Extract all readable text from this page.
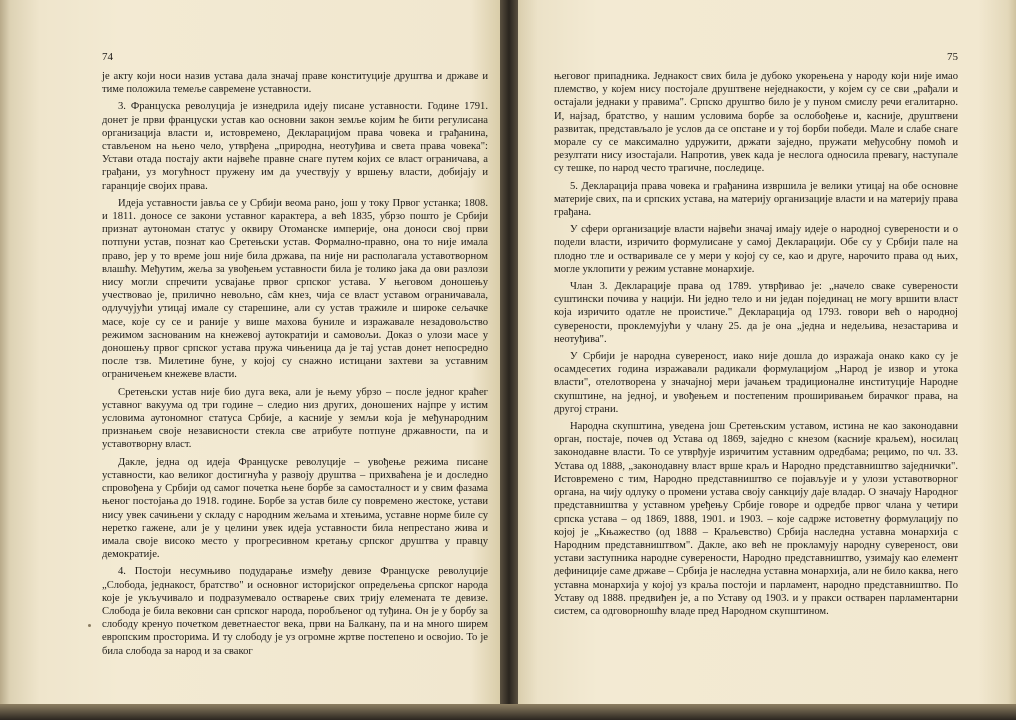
74

је акту који носи назив устава дала значај праве конституције друштва и државе и тиме положила темеље савремене уставности.

3. Француска револуција је изнедрила идеју писане уставности. Године 1791. донет је први француски устав као основни закон земље којим ће бити регулисана организација власти и, истовремено, Декларацијом права човека и грађанина, стављеном на њено чело, утврђена „природна, неотуђива и света права човека": Устави отада постају акти највеће правне снаге путем којих се власт ограничава, а грађани, уз могућност пружену им да учествују у вршењу власти, добијају и гаранције својих права.

Идеја уставности јавља се у Србији веома рано, још у току Првог устанка; 1808. и 1811. доносе се закони уставног карактера, а већ 1835, убрзо пошто је Србији признат аутономан статус у оквиру Отоманске империје, она доноси свој први потпуни устав, познат као Сретењски устав. Формално-правно, она то није имала право, јер у то време још није била држава, па није ни располагала уставотворном влашћу. Међутим, жеља за увођењем уставности била је толико јака да ови разлози нису могли спречити усвајање првог српског устава. У његовом доношењу учествовао је, прилично невољно, сâм кнез, чија се власт уставом ограничавала, одлучујући утицај имале су старешине, али су устав тражиле и широке сељачке масе, које су се и раније у више махова буниле и изражавале незадовољство режимом заснованим на кнежевој аутократији и самовољи. Доказ о улози масе у доношењу првог српског устава пружа чињеница да је тај устав донет непосредно после тзв. Милетине буне, у којој су снажно истицани захтеви за уставним ограничењем кнежеве власти.

Сретењски устав није био дуга века, али је њему убрзо – после једног краћег уставног вакуума од три године – следио низ других, доношених најпре у истим условима аутономног статуса Србије, а касније у земљи која је међународним признањем своје независности стекла све атрибуте потпуне државности, па и уставотворну власт.

Дакле, једна од идеја Француске револуције – увођење режима писане уставности, као великог достигнућа у развоју друштва – прихваћена је и доследно спровођена у Србији од самог почетка њене борбе за самосталност и у свим фазама њеног постојања до 1918. године. Борбе за устав биле су повремено жестоке, устави нису увек сачињени у складу с народним жељама и хтењима, уставне норме биле су неретко гажене, али је у целини увек идеја уставности била непрестано жива и имала своје високо место у прогресивном кретању српског друштва у правцу демократије.

4. Постоји несумњиво подударање између девизе Француске револуције „Слобода, једнакост, братство" и основног историјског опредељења српског народа које је укључивало и подразумевало остварење свих трију елемената те девизе. Слобода је била вековни сан српског народа, поробљеног од туђина. Он је у борбу за слободу кренуо почетком деветнаестог века, први на Балкану, па и на много ширем европским просторима. И ту слободу је уз огромне жртве постепено и освојио. То је била слобода за народ и за сваког

75

његовог припадника. Једнакост свих била је дубоко укорењена у народу који није имао племство, у којем нису постојале друштвене неједнакости, у којем су се сви „рађали и остајали једнаки у правима". Српско друштво било је у пуном смислу речи егалитарно. И, најзад, братство, у нашим условима борбе за ослобођење и, касније, друштвени развитак, представљало је услов да се опстане и у тој борби победи. Мале и слабе снаге морале су се максимално удружити, држати заједно, пружати међусобну помоћ и резултати нису изостајали. Напротив, увек када је неслога односила превагу, наступале су тешке, по народ често трагичне, последице.

5. Декларација права човека и грађанина извршила је велики утицај на обе основне материје свих, па и српских устава, на материју организације власти и на материју права грађана.

У сфери организације власти највећи значај имају идеје о народној суверености и о подели власти, изричито формулисане у самој Декларацији. Обе су у Србији пале на плодно тле и остваривале се у мери у којој су се, као и друге, нарочито права од њих, могле уклопити у режим уставне монархије.

Члан 3. Декларације права од 1789. утврђивао је: „начело сваке суверености суштински почива у нацији. Ни једно тело и ни један појединац не могу вршити власт која изричито одатле не проистиче." Декларација од 1793. говори већ о народној суверености, проклемујући у члану 25. да је она „једна и недељива, незастарива и неотуђива".

У Србији је народна сувереност, иако није дошла до изражаја онако како су је осамдесетих година изражавали радикали формулацијом „Народ је извор и утока власти", отелотворена у значајној мери јачањем традиционалне институције Народне скупштине, на једној, и увођењем и постепеним проширивањем бирачког права, на другој страни.

Народна скупштина, уведена још Сретењским уставом, истина не као законодавни орган, постаје, почев од Устава од 1869, заједно с кнезом (касније краљем), носилац законодавне власти. То се утврђује изричитим уставним одредбама; рецимо, по чл. 33. Устава од 1888, „законодавну власт врше краљ и Народно представништво заједнички". Истовремено с тим, Народно представништво се појављује и у улози уставотворног органа, на чију одлуку о промени устава своју санкцију даје владар. О значају Народног представништва у уставном уређењу Србије говоре и одредбе првог члана у четири српска устава – од 1869, 1888, 1901. и 1903. – које садрже истоветну формулацију по којој је „Књажество (од 1888 – Краљевство) Србија наследна уставна монархија с Народним представништвом". Дакле, ако већ не прокламују народну сувереност, ови устави заступника народне суверености, Народно представништво, узимају као елемент дефиниције саме државе – Србија је наследна уставна монархија, али не било каква, него уставна монархија у којој уз краља постоји и парламент, народно представништво. По Уставу од 1888. предвиђен је, а по Уставу од 1903. и у пракси остварен парламентарни систем, са одговорношћу владе пред Народном скупштином.
